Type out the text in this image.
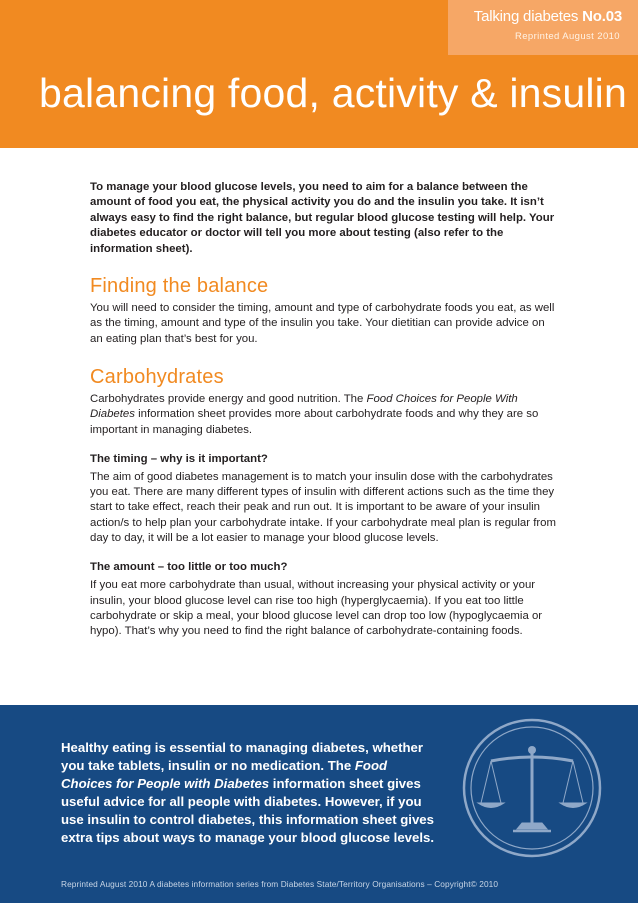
Talking diabetes No.03
Reprinted August 2010
balancing food, activity & insulin

To manage your blood glucose levels, you need to aim for a balance between the amount of food you eat, the physical activity you do and the insulin you take. It isn’t always easy to find the right balance, but regular blood glucose testing will help. Your diabetes educator or doctor will tell you more about testing (also refer to the information sheet).

Finding the balance

You will need to consider the timing, amount and type of carbohydrate foods you eat, as well as the timing, amount and type of the insulin you take. Your dietitian can provide advice on an eating plan that’s best for you.

Carbohydrates

Carbohydrates provide energy and good nutrition. The Food Choices for People With Diabetes information sheet provides more about carbohydrate foods and why they are so important in managing diabetes.

The timing – why is it important?

The aim of good diabetes management is to match your insulin dose with the carbohydrates you eat. There are many different types of insulin with different actions such as the time they start to take effect, reach their peak and run out. It is important to be aware of your insulin action/s to help plan your carbohydrate intake. If your carbohydrate meal plan is regular from day to day, it will be a lot easier to manage your blood glucose levels.

The amount – too little or too much?

If you eat more carbohydrate than usual, without increasing your physical activity or your insulin, your blood glucose level can rise too high (hyperglycaemia). If you eat too little carbohydrate or skip a meal, your blood glucose level can drop too low (hypoglycaemia or hypo). That’s why you need to find the right balance of carbohydrate-containing foods.

Healthy eating is essential to managing diabetes, whether you take tablets, insulin or no medication. The Food Choices for People with Diabetes information sheet gives useful advice for all people with diabetes. However, if you use insulin to control diabetes, this information sheet gives extra tips about ways to manage your blood glucose levels.

Reprinted August 2010 A diabetes information series from Diabetes State/Territory Organisations – Copyright© 2010
